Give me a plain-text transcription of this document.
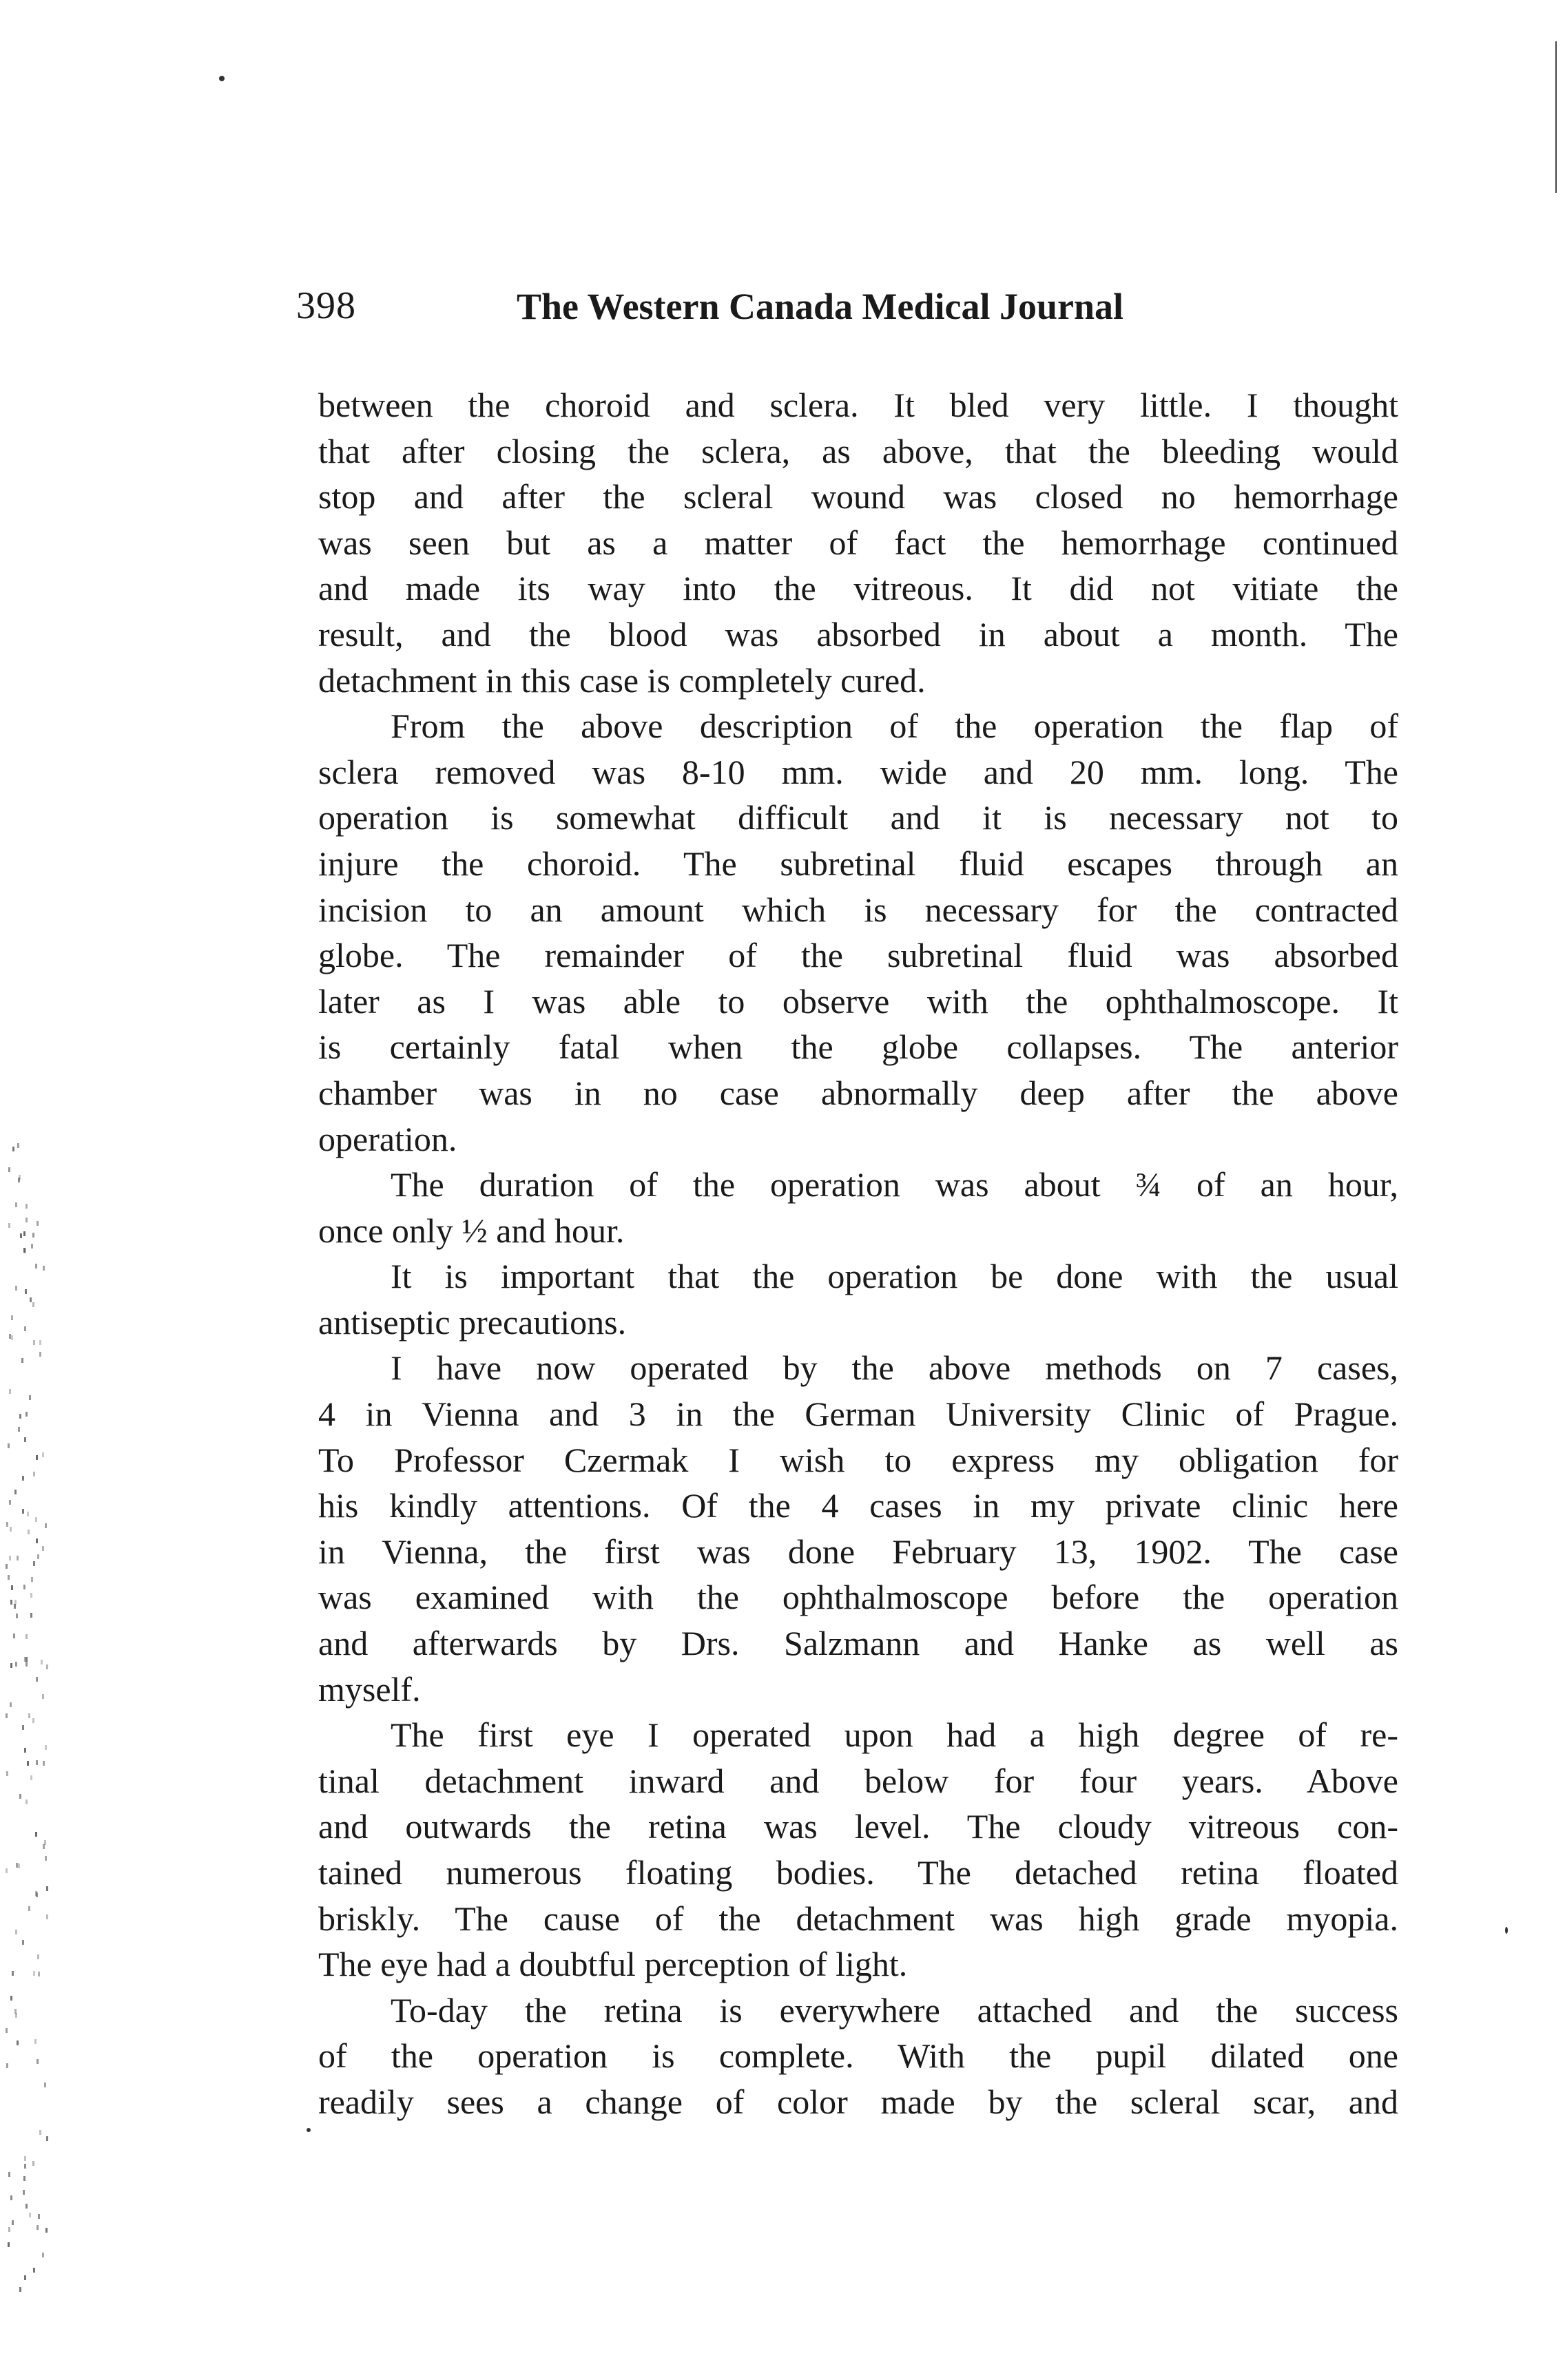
398	The Western Canada Medical Journal
between the choroid and sclera. It bled very little. I thought
that after closing the sclera, as above, that the bleeding would
stop and after the scleral wound was closed no hemorrhage
was seen but as a matter of fact the hemorrhage continued
and made its way into the vitreous. It did not vitiate the
result, and the blood was absorbed in about a month. The
detachment in this case is completely cured.
From the above description of the operation the flap of
sclera removed was 8-10 mm. wide and 20 mm. long. The
operation is somewhat difficult and it is necessary not to
injure the choroid. The subretinal fluid escapes through an
incision to an amount which is necessary for the contracted
globe. The remainder of the subretinal fluid was absorbed
later as I was able to observe with the ophthalmoscope. It
is certainly fatal when the globe collapses. The anterior
chamber was in no case abnormally deep after the above
operation.
The duration of the operation was about ¾ of an hour,
once only ½ and hour.
It is important that the operation be done with the usual
antiseptic precautions.
I have now operated by the above methods on 7 cases,
4 in Vienna and 3 in the German University Clinic of Prague.
To Professor Czermak I wish to express my obligation for
his kindly attentions. Of the 4 cases in my private clinic here
in Vienna, the first was done February 13, 1902. The case
was examined with the ophthalmoscope before the operation
and afterwards by Drs. Salzmann and Hanke as well as
myself.
The first eye I operated upon had a high degree of re-
tinal detachment inward and below for four years. Above
and outwards the retina was level. The cloudy vitreous con-
tained numerous floating bodies. The detached retina floated
briskly. The cause of the detachment was high grade myopia.
The eye had a doubtful perception of light.
To-day the retina is everywhere attached and the success
of the operation is complete. With the pupil dilated one
readily sees a change of color made by the scleral scar, and
